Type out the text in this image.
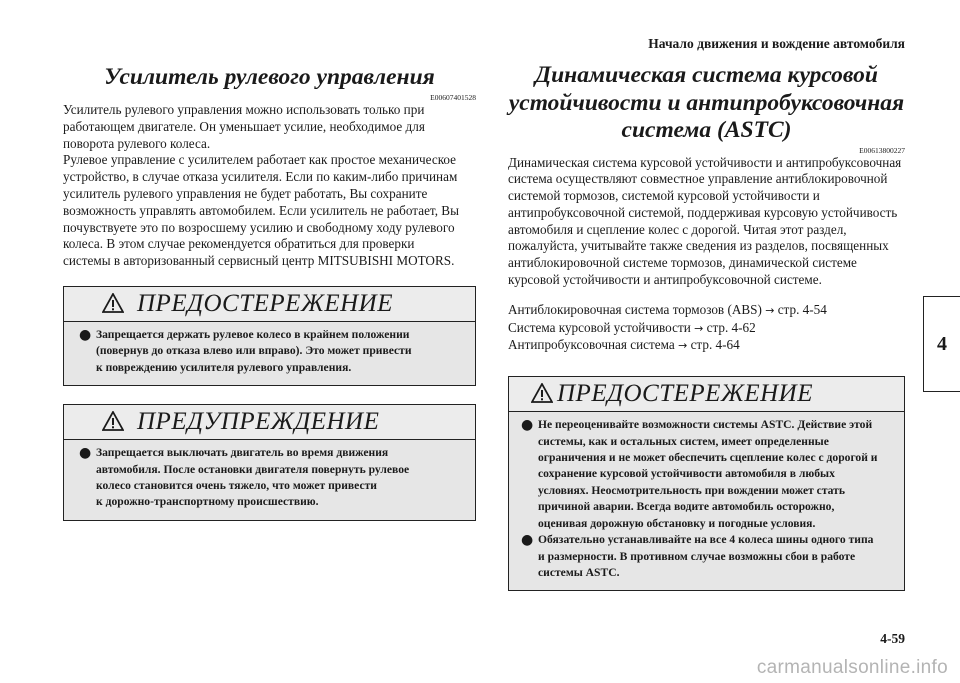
Начало движения и вождение автомобиля
Усилитель рулевого управления
E00607401528

Усилитель рулевого управления можно использовать только при
работающем двигателе. Он уменьшает усилие, необходимое для
поворота рулевого колеса.

Рулевое управление с усилителем работает как простое механическое
устройство, в случае отказа усилителя. Если по каким-либо причинам
усилитель рулевого управления не будет работать, Вы сохраните
возможность управлять автомобилем. Если усилитель не работает, Вы
почувствуете это по возросшему усилию и свободному ходу рулевого
колеса. В этом случае рекомендуется обратиться для проверки
системы в авторизованный сервисный центр MITSUBISHI MOTORS.

ПРЕДОСТЕРЕЖЕНИЕ
● Запрещается держать рулевое колесо в крайнем положении
(повернув до отказа влево или вправо). Это может привести
к повреждению усилителя рулевого управления.
ПРЕДУПРЕЖДЕНИЕ
● Запрещается выключать двигатель во время движения
автомобиля. После остановки двигателя повернуть рулевое
колесо становится очень тяжело, что может привести
к дорожно-транспортному происшествию.
Динамическая система курсовой
устойчивости и антипробуксовочная
система (ASTC)
E00613800227

Динамическая система курсовой устойчивости и антипробуксовочная
система осуществляют совместное управление антиблокировочной
системой тормозов, системой курсовой устойчивости и
антипробуксовочной системой, поддерживая курсовую устойчивость
автомобиля и сцепление колес с дорогой. Читая этот раздел,
пожалуйста, учитывайте также сведения из разделов, посвященных
антиблокировочной системе тормозов, динамической системе
курсовой устойчивости и антипробуксовочной системе.

Антиблокировочная система тормозов (ABS) → стр. 4-54
Система курсовой устойчивости → стр. 4-62
Антипробуксовочная система → стр. 4-64
ПРЕДОСТЕРЕЖЕНИЕ
● Не переоценивайте возможности системы ASTC. Действие этой
системы, как и остальных систем, имеет определенные
ограничения и не может обеспечить сцепление колес с дорогой и
сохранение курсовой устойчивости автомобиля в любых
условиях. Неосмотрительность при вождении может стать
причиной аварии. Всегда водите автомобиль осторожно,
оценивая дорожную обстановку и погодные условия.
● Обязательно устанавливайте на все 4 колеса шины одного типа
и размерности. В противном случае возможны сбои в работе
системы ASTC.
4
4-59
carmanualsonline.info
